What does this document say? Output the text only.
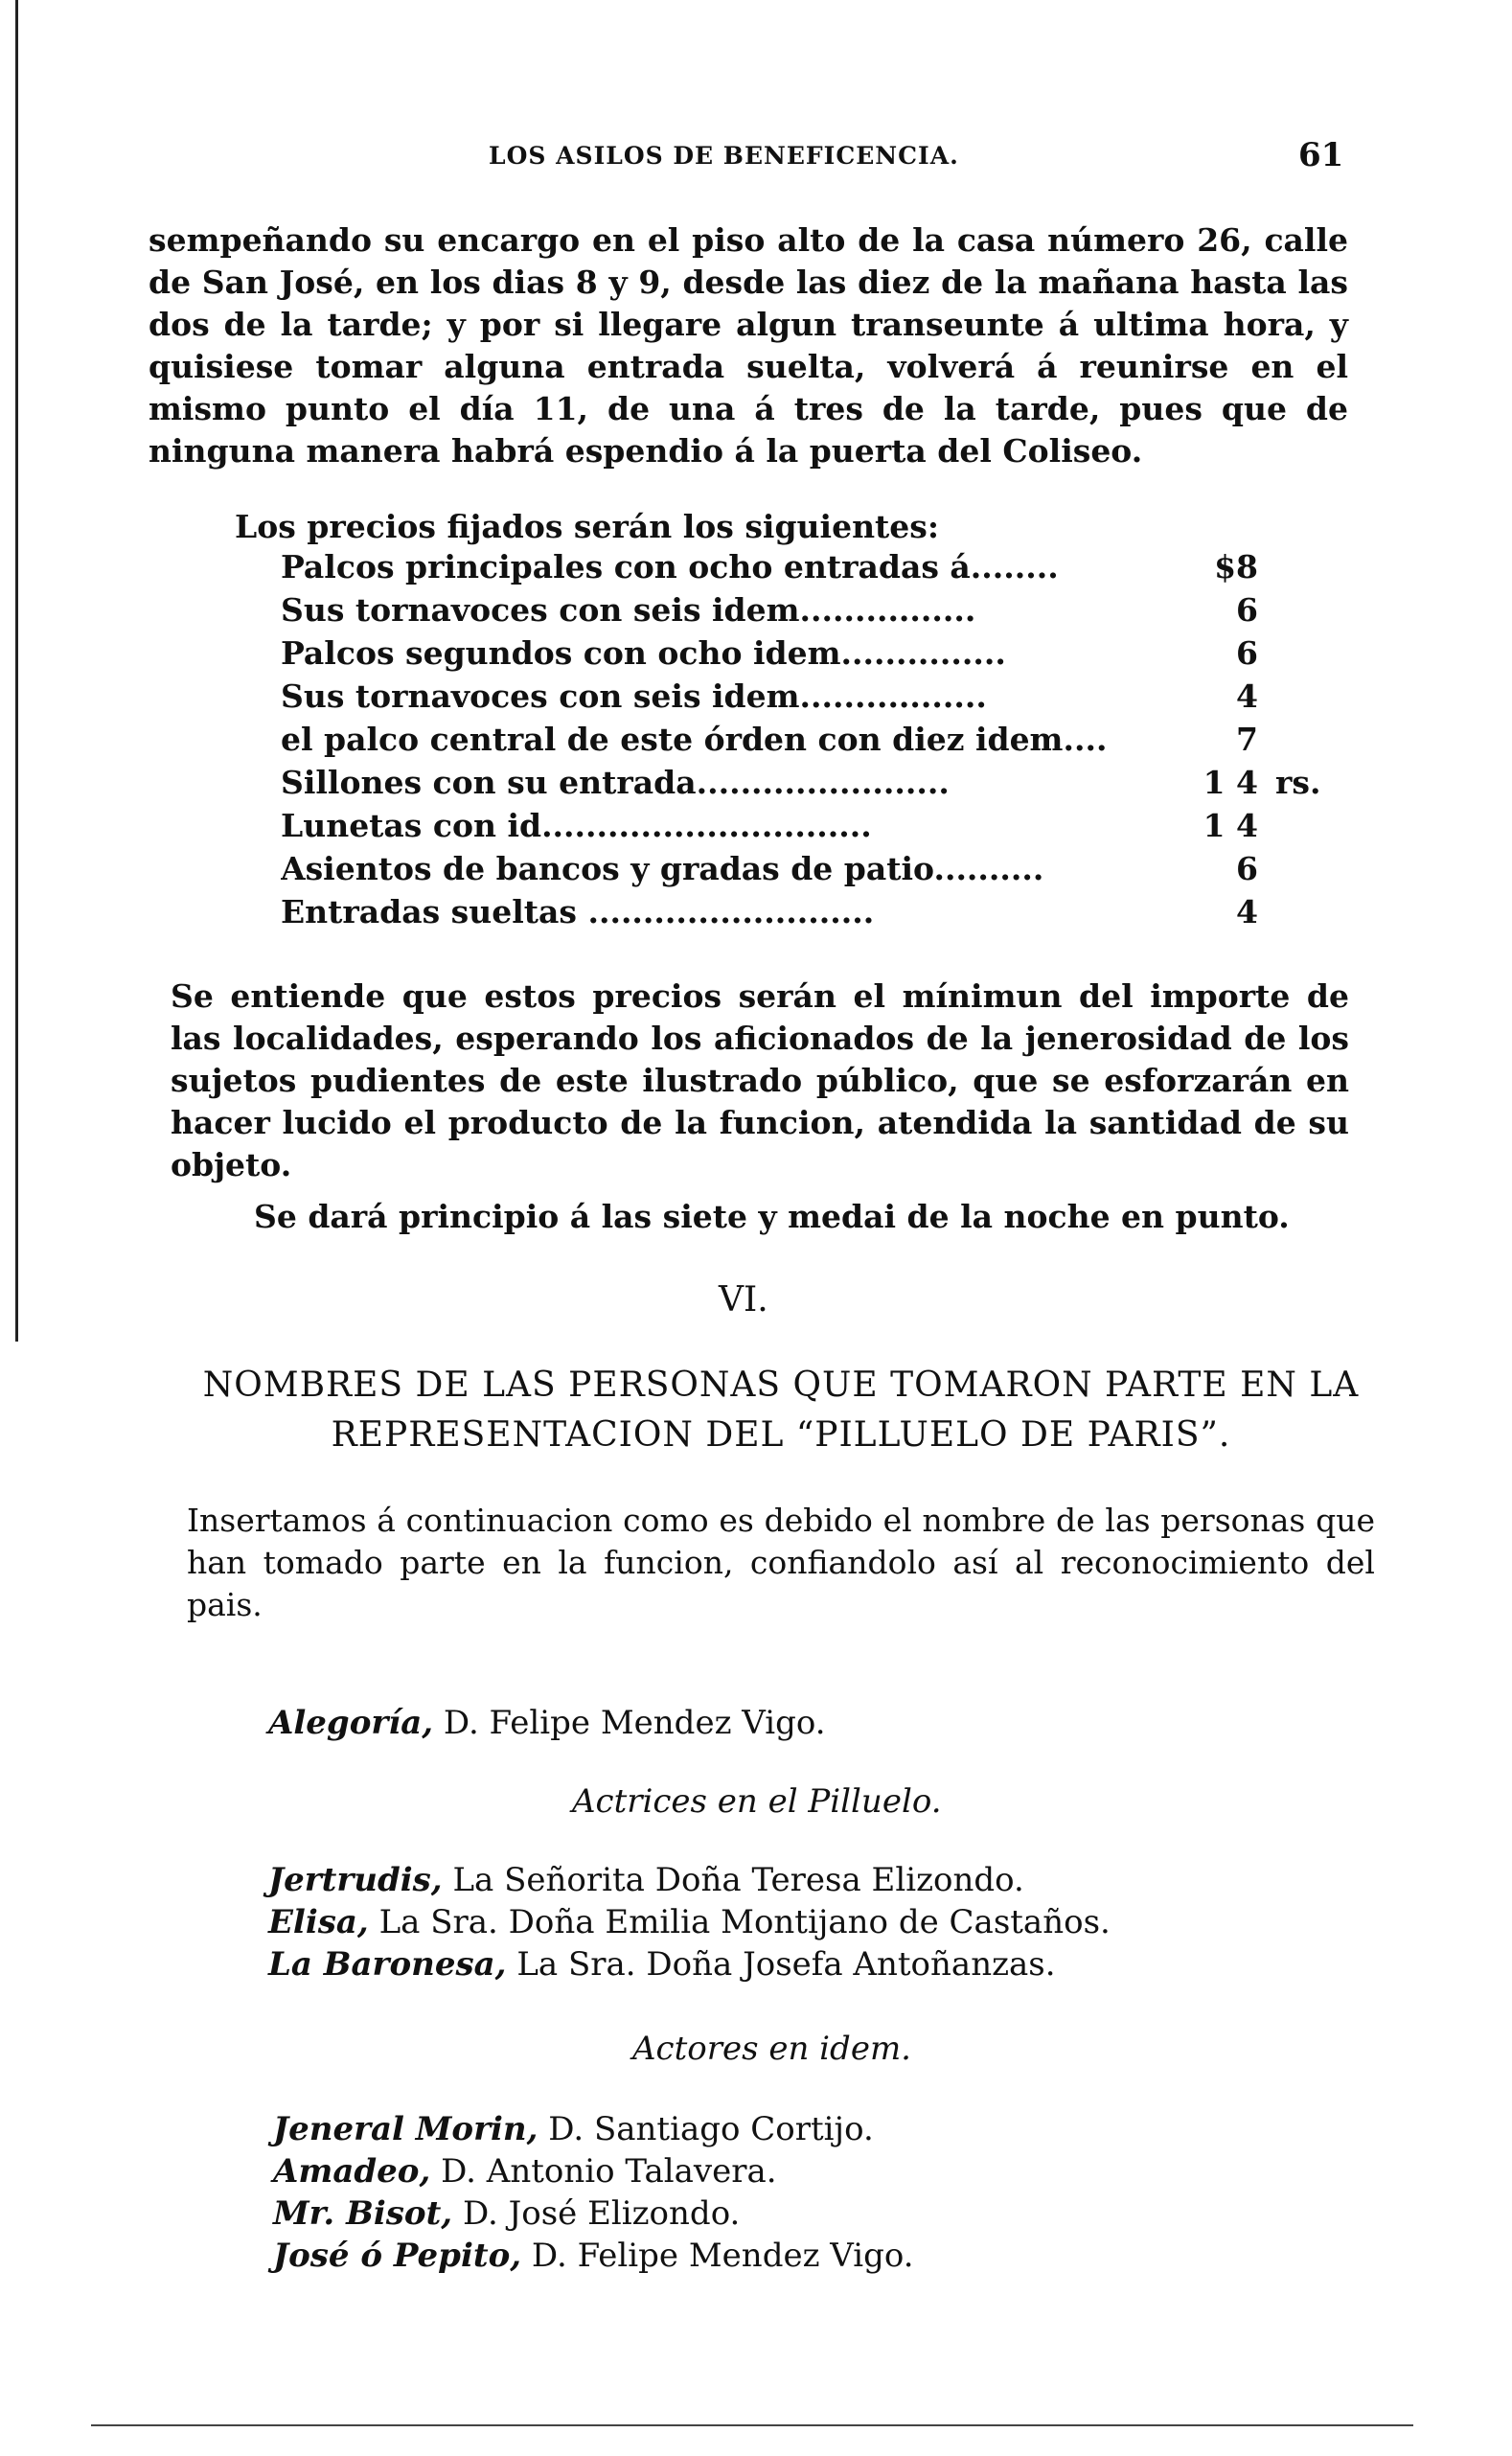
LOS ASILOS DE BENEFICENCIA.	61

sempeñando su encargo en el piso alto de la casa número 26, calle de San José, en los dias 8 y 9, desde las diez de la mañana hasta las dos de la tarde; y por si llegare algun transeunte á ultima hora, y quisiese tomar alguna entrada suelta, volverá á reunirse en el mismo punto el día 11, de una á tres de la tarde, pues que de ninguna manera habrá espendio á la puerta del Coliseo.

Los precios fijados serán los siguientes:

Palcos principales con ocho entradas á........	$8
Sus tornavoces con seis idem................	6
Palcos segundos con ocho idem...............	6
Sus tornavoces con seis idem.................	4
el palco central de este órden con diez idem....	7
Sillones con su entrada.......................	1 4 rs.
Lunetas con id..............................	1 4
Asientos de bancos y gradas de patio..........	6
Entradas sueltas ..........................	4

Se entiende que estos precios serán el mínimun del importe de las localidades, esperando los aficionados de la jenerosidad de los sujetos pudientes de este ilustrado público, que se esforzarán en hacer lucido el producto de la funcion, atendida la santidad de su objeto.

Se dará principio á las siete y medai de la noche en punto.

VI.
NOMBRES DE LAS PERSONAS QUE TOMARON PARTE EN LA REPRESENTACION DEL “PILLUELO DE PARIS”.

Insertamos á continuacion como es debido el nombre de las personas que han tomado parte en la funcion, confiandolo así al reconocimiento del pais.

Alegoría, D. Felipe Mendez Vigo.
Actrices en el Pilluelo.
Jertrudis, La Señorita Doña Teresa Elizondo.
Elisa, La Sra. Doña Emilia Montijano de Castaños.
La Baronesa, La Sra. Doña Josefa Antoñanzas.
Actores en idem.
Jeneral Morin, D. Santiago Cortijo.
Amadeo, D. Antonio Talavera.
Mr. Bisot, D. José Elizondo.
José ó Pepito, D. Felipe Mendez Vigo.
